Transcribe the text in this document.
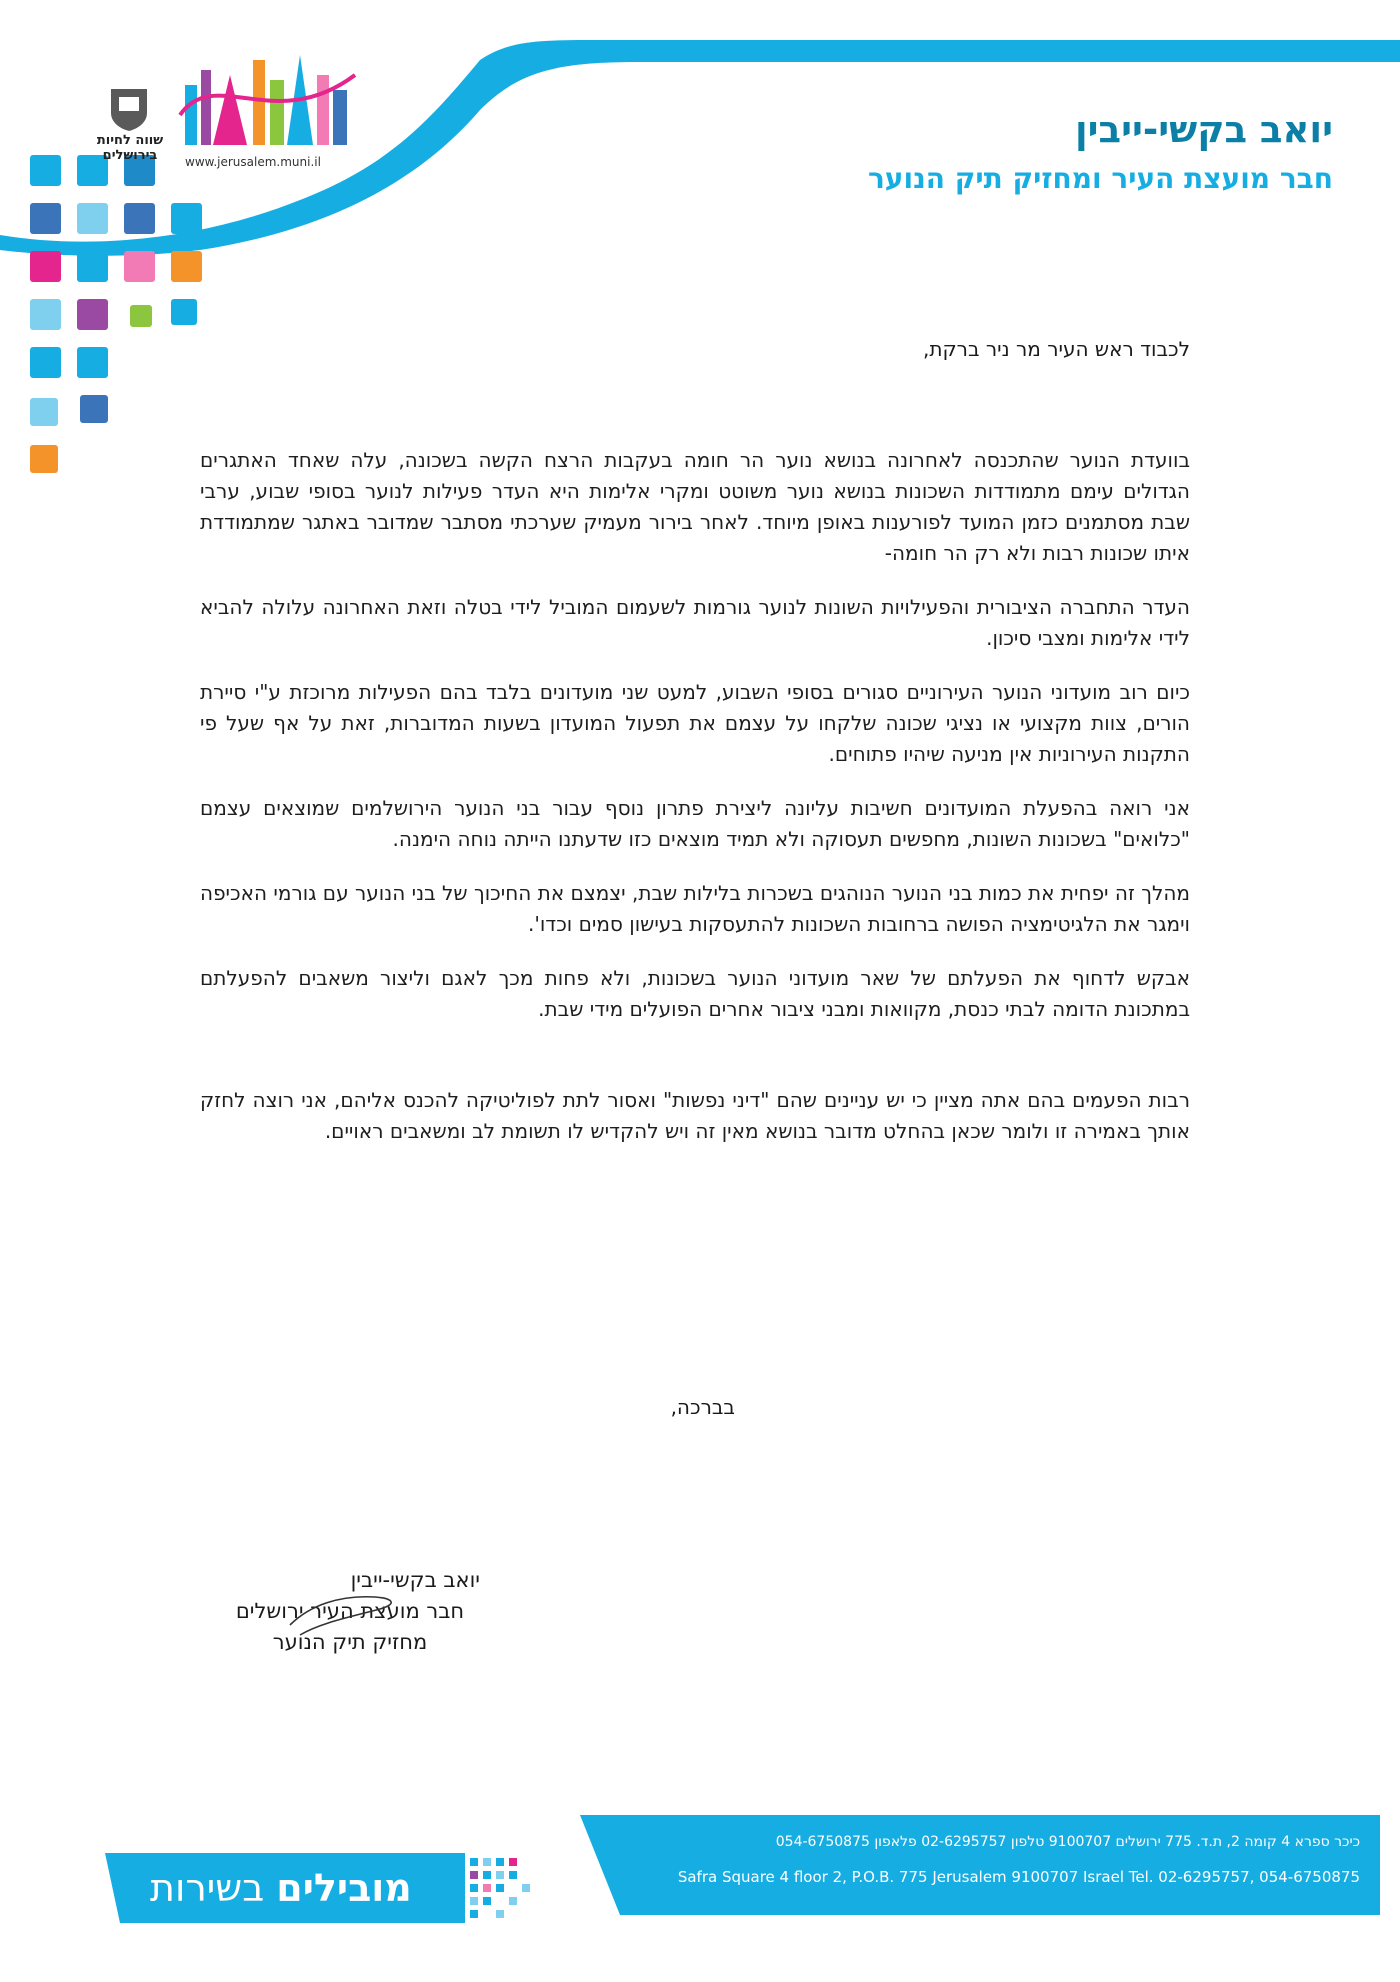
שווה לחיות בירושלים	www.jerusalem.muni.il
יואב בקשי-ייבין
חבר מועצת העיר ומחזיק תיק הנוער
לכבוד ראש העיר מר ניר ברקת,

בוועדת הנוער שהתכנסה לאחרונה בנושא נוער הר חומה בעקבות הרצח הקשה בשכונה, עלה שאחד האתגרים הגדולים עימם מתמודדות השכונות בנושא נוער משוטט ומקרי אלימות היא העדר פעילות לנוער בסופי שבוע, ערבי שבת מסתמנים כזמן המועד לפורענות באופן מיוחד. לאחר בירור מעמיק שערכתי מסתבר שמדובר באתגר שמתמודדת איתו שכונות רבות ולא רק הר חומה-

העדר התחברה הציבורית והפעילויות השונות לנוער גורמות לשעמום המוביל לידי בטלה וזאת האחרונה עלולה להביא לידי אלימות ומצבי סיכון.

כיום רוב מועדוני הנוער העירוניים סגורים בסופי השבוע, למעט שני מועדונים בלבד בהם הפעילות מרוכזת ע"י סיירת הורים, צוות מקצועי או נציגי שכונה שלקחו על עצמם את תפעול המועדון בשעות המדוברות, זאת על אף שעל פי התקנות העירוניות אין מניעה שיהיו פתוחים.

אני רואה בהפעלת המועדונים חשיבות עליונה ליצירת פתרון נוסף עבור בני הנוער הירושלמים שמוצאים עצמם "כלואים" בשכונות השונות, מחפשים תעסוקה ולא תמיד מוצאים כזו שדעתנו הייתה נוחה הימנה.

מהלך זה יפחית את כמות בני הנוער הנוהגים בשכרות בלילות שבת, יצמצם את החיכוך של בני הנוער עם גורמי האכיפה וימגר את הלגיטימציה הפושה ברחובות השכונות להתעסקות בעישון סמים וכדו'.

אבקש לדחוף את הפעלתם של שאר מועדוני הנוער בשכונות, ולא פחות מכך לאגם וליצור משאבים להפעלתם במתכונת הדומה לבתי כנסת, מקוואות ומבני ציבור אחרים הפועלים מידי שבת.

רבות הפעמים בהם אתה מציין כי יש עניינים שהם "דיני נפשות" ואסור לתת לפוליטיקה להכנס אליהם, אני רוצה לחזק אותך באמירה זו ולומר שכאן בהחלט מדובר בנושא מאין זה ויש להקדיש לו תשומת לב ומשאבים ראויים.

בברכה,
יואב בקשי-ייבין
חבר מועצת העיר ירושלים
מחזיק תיק הנוער
כיכר ספרא 4 קומה 2, ת.ד. 775 ירושלים 9100707 טלפון 02-6295757 פלאפון 054-6750875
Safra Square 4 floor 2, P.O.B. 775 Jerusalem 9100707 Israel Tel. 02-6295757, 054-6750875
מובילים בשירות
